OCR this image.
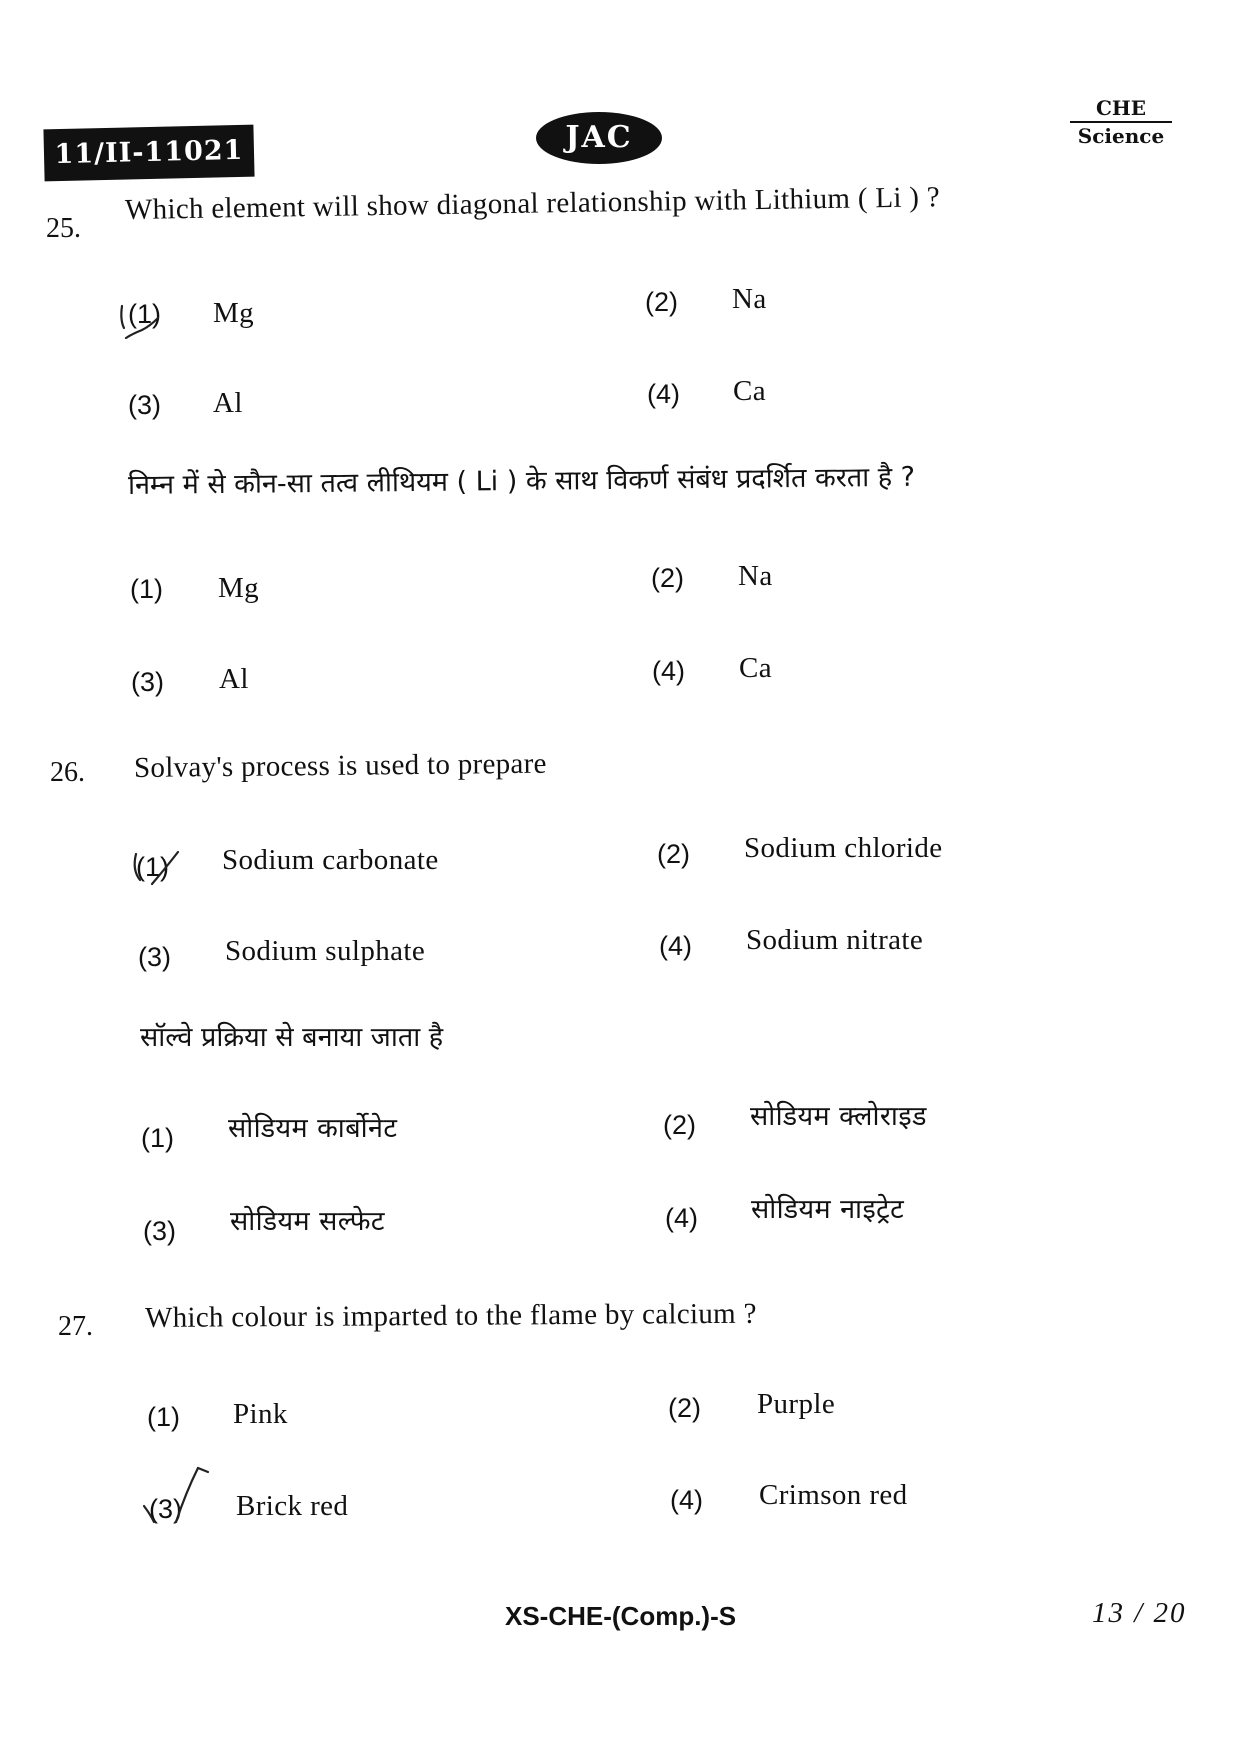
11/II-11021	JAC
CHE
Science
25.
Which element will show diagonal relationship with Lithium ( Li ) ?
(1) Mg	(2) Na
(3) Al	(4) Ca
निम्न में से कौन-सा तत्व लीथियम ( Li ) के साथ विकर्ण संबंध प्रदर्शित करता है ?
(1) Mg	(2) Na
(3) Al	(4) Ca
26. Solvay's process is used to prepare
(1) Sodium carbonate	(2) Sodium chloride
(3) Sodium sulphate	(4) Sodium nitrate
सॉल्वे प्रक्रिया से बनाया जाता है
(1) सोडियम कार्बोनेट	(2) सोडियम क्लोराइड
(3) सोडियम सल्फेट	(4) सोडियम नाइट्रेट
27. Which colour is imparted to the flame by calcium ?
(1) Pink	(2) Purple
(3) Brick red	(4) Crimson red
XS-CHE-(Comp.)-S	13 / 20
